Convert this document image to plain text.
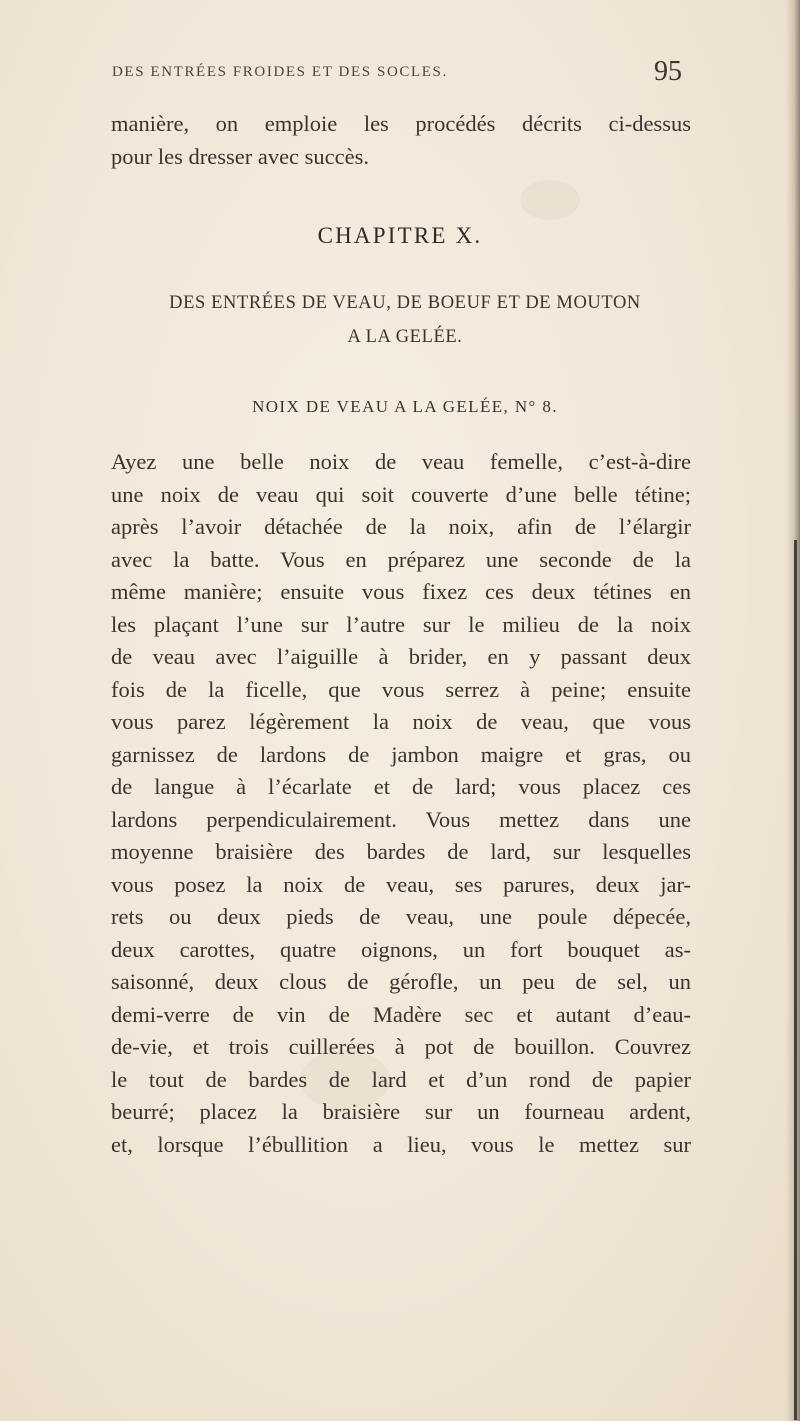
DES ENTRÉES FROIDES ET DES SOCLES.	95
manière, on emploie les procédés décrits ci-dessus
pour les dresser avec succès.
CHAPITRE X.
DES ENTRÉES DE VEAU, DE BOEUF ET DE MOUTON
A LA GELÉE.
NOIX DE VEAU A LA GELÉE, N° 8.
Ayez une belle noix de veau femelle, c’est-à-dire
une noix de veau qui soit couverte d’une belle tétine;
après l’avoir détachée de la noix, afin de l’élargir
avec la batte. Vous en préparez une seconde de la
même manière; ensuite vous fixez ces deux tétines en
les plaçant l’une sur l’autre sur le milieu de la noix
de veau avec l’aiguille à brider, en y passant deux
fois de la ficelle, que vous serrez à peine; ensuite
vous parez légèrement la noix de veau, que vous
garnissez de lardons de jambon maigre et gras, ou
de langue à l’écarlate et de lard; vous placez ces
lardons perpendiculairement. Vous mettez dans une
moyenne braisière des bardes de lard, sur lesquelles
vous posez la noix de veau, ses parures, deux jar-
rets ou deux pieds de veau, une poule dépecée,
deux carottes, quatre oignons, un fort bouquet as-
saisonné, deux clous de gérofle, un peu de sel, un
demi-verre de vin de Madère sec et autant d’eau-
de-vie, et trois cuillerées à pot de bouillon. Couvrez
le tout de bardes de lard et d’un rond de papier
beurré; placez la braisière sur un fourneau ardent,
et, lorsque l’ébullition a lieu, vous le mettez sur
